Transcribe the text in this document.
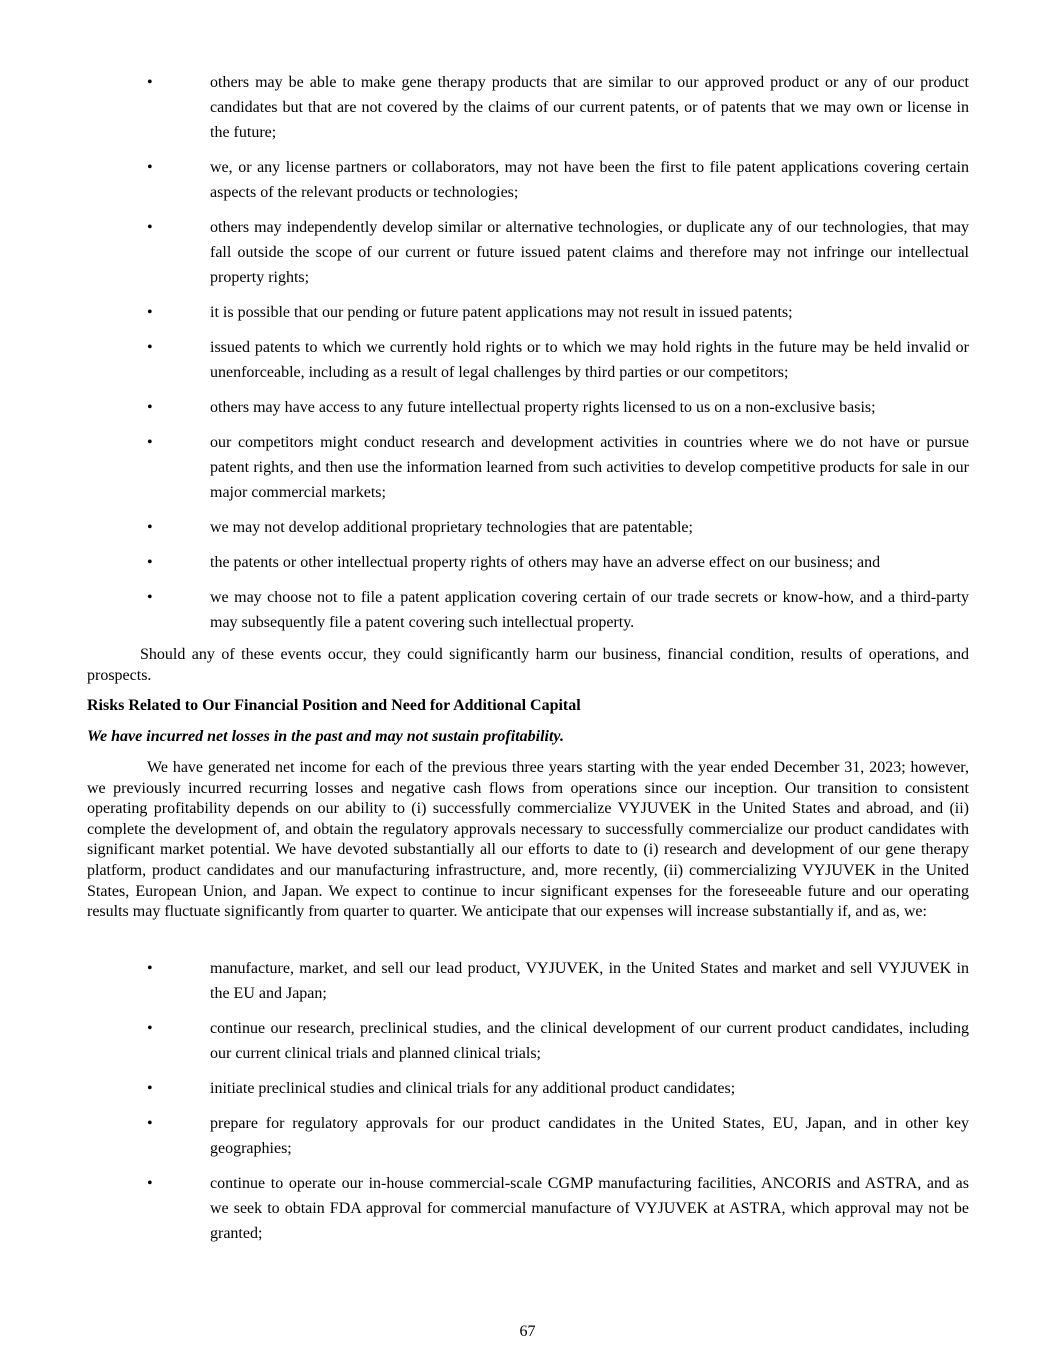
•	others may be able to make gene therapy products that are similar to our approved product or any of our product candidates but that are not covered by the claims of our current patents, or of patents that we may own or license in the future;
•	we, or any license partners or collaborators, may not have been the first to file patent applications covering certain aspects of the relevant products or technologies;
•	others may independently develop similar or alternative technologies, or duplicate any of our technologies, that may fall outside the scope of our current or future issued patent claims and therefore may not infringe our intellectual property rights;
•	it is possible that our pending or future patent applications may not result in issued patents;
•	issued patents to which we currently hold rights or to which we may hold rights in the future may be held invalid or unenforceable, including as a result of legal challenges by third parties or our competitors;
•	others may have access to any future intellectual property rights licensed to us on a non-exclusive basis;
•	our competitors might conduct research and development activities in countries where we do not have or pursue patent rights, and then use the information learned from such activities to develop competitive products for sale in our major commercial markets;
•	we may not develop additional proprietary technologies that are patentable;
•	the patents or other intellectual property rights of others may have an adverse effect on our business; and
•	we may choose not to file a patent application covering certain of our trade secrets or know-how, and a third-party may subsequently file a patent covering such intellectual property.

Should any of these events occur, they could significantly harm our business, financial condition, results of operations, and prospects.

Risks Related to Our Financial Position and Need for Additional Capital
We have incurred net losses in the past and may not sustain profitability.

We have generated net income for each of the previous three years starting with the year ended December 31, 2023; however, we previously incurred recurring losses and negative cash flows from operations since our inception. Our transition to consistent operating profitability depends on our ability to (i) successfully commercialize VYJUVEK in the United States and abroad, and (ii) complete the development of, and obtain the regulatory approvals necessary to successfully commercialize our product candidates with significant market potential. We have devoted substantially all our efforts to date to (i) research and development of our gene therapy platform, product candidates and our manufacturing infrastructure, and, more recently, (ii) commercializing VYJUVEK in the United States, European Union, and Japan. We expect to continue to incur significant expenses for the foreseeable future and our operating results may fluctuate significantly from quarter to quarter. We anticipate that our expenses will increase substantially if, and as, we:

•	manufacture, market, and sell our lead product, VYJUVEK, in the United States and market and sell VYJUVEK in the EU and Japan;
•	continue our research, preclinical studies, and the clinical development of our current product candidates, including our current clinical trials and planned clinical trials;
•	initiate preclinical studies and clinical trials for any additional product candidates;
•	prepare for regulatory approvals for our product candidates in the United States, EU, Japan, and in other key geographies;
•	continue to operate our in-house commercial-scale CGMP manufacturing facilities, ANCORIS and ASTRA, and as we seek to obtain FDA approval for commercial manufacture of VYJUVEK at ASTRA, which approval may not be granted;
67
